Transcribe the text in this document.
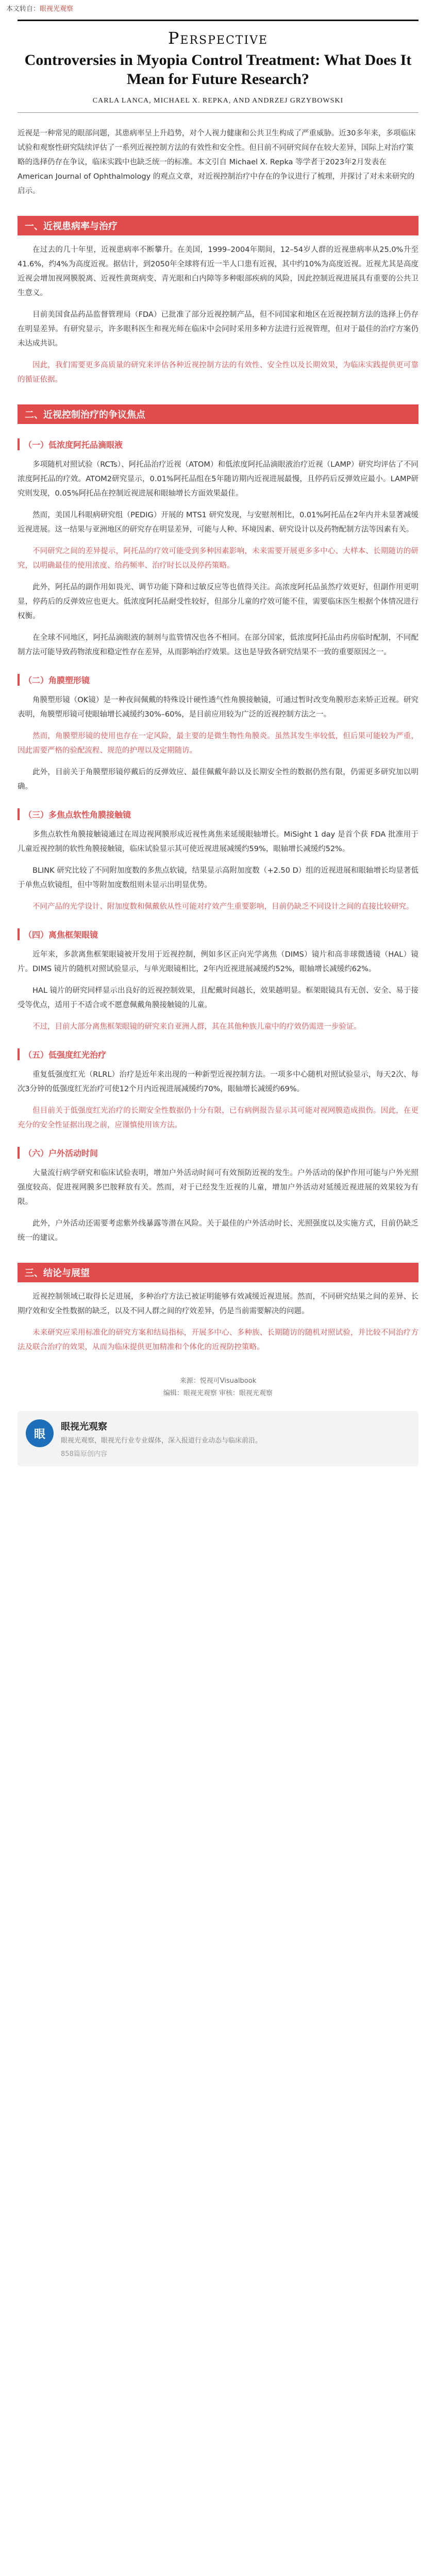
本文转自：眼视光观察
Perspective
Controversies in Myopia Control Treatment: What Does It Mean for Future Research?
CARLA LANCA, MICHAEL X. REPKA, AND ANDRZEJ GRZYBOWSKI
近视是一种常见的眼部问题，其患病率呈上升趋势，对个人视力健康和公共卫生构成了严重威胁。近30多年来，多项临床试验和观察性研究陆续评估了一系列近视控制方法的有效性和安全性。但目前不同研究间存在较大差异，国际上对治疗策略的选择仍存在争议，临床实践中也缺乏统一的标准。本文引自 Michael X. Repka 等学者于2023年2月发表在 American Journal of Ophthalmology 的观点文章，对近视控制治疗中存在的争议进行了梳理，并探讨了对未来研究的启示。
一、近视患病率与治疗
在过去的几十年里，近视患病率不断攀升。在美国，1999–2004年期间，12–54岁人群的近视患病率从25.0%升至41.6%，约4%为高度近视。据估计，到2050年全球将有近一半人口患有近视，其中约10%为高度近视。近视尤其是高度近视会增加视网膜脱离、近视性黄斑病变、青光眼和白内障等多种眼部疾病的风险，因此控制近视进展具有重要的公共卫生意义。
目前美国食品药品监督管理局（FDA）已批准了部分近视控制产品，但不同国家和地区在近视控制方法的选择上仍存在明显差异。有研究显示，许多眼科医生和视光师在临床中会同时采用多种方法进行近视管理，但对于最佳的治疗方案仍未达成共识。
因此，我们需要更多高质量的研究来评估各种近视控制方法的有效性、安全性以及长期效果，为临床实践提供更可靠的循证依据。
二、近视控制治疗的争议焦点
（一）低浓度阿托品滴眼液
多项随机对照试验（RCTs）、阿托品治疗近视（ATOM）和低浓度阿托品滴眼液治疗近视（LAMP）研究均评估了不同浓度阿托品的疗效。ATOM2研究显示，0.01%阿托品组在5年随访期内近视进展最慢，且停药后反弹效应最小。LAMP研究则发现，0.05%阿托品在控制近视进展和眼轴增长方面效果最佳。
然而，美国儿科眼病研究组（PEDIG）开展的 MTS1 研究发现，与安慰剂相比，0.01%阿托品在2年内并未显著减缓近视进展。这一结果与亚洲地区的研究存在明显差异，可能与人种、环境因素、研究设计以及药物配制方法等因素有关。
不同研究之间的差异提示，阿托品的疗效可能受到多种因素影响，未来需要开展更多多中心、大样本、长期随访的研究，以明确最佳的使用浓度、给药频率、治疗时长以及停药策略。
此外，阿托品的副作用如畏光、调节功能下降和过敏反应等也值得关注。高浓度阿托品虽然疗效更好，但副作用更明显，停药后的反弹效应也更大。低浓度阿托品耐受性较好，但部分儿童的疗效可能不佳，需要临床医生根据个体情况进行权衡。
在全球不同地区，阿托品滴眼液的制剂与监管情况也各不相同。在部分国家，低浓度阿托品由药房临时配制，不同配制方法可能导致药物浓度和稳定性存在差异，从而影响治疗效果。这也是导致各研究结果不一致的重要原因之一。
（二）角膜塑形镜
角膜塑形镜（OK镜）是一种夜间佩戴的特殊设计硬性透气性角膜接触镜，可通过暂时改变角膜形态来矫正近视。研究表明，角膜塑形镜可使眼轴增长减缓约30%–60%，是目前应用较为广泛的近视控制方法之一。
然而，角膜塑形镜的使用也存在一定风险，最主要的是微生物性角膜炎。虽然其发生率较低，但后果可能较为严重，因此需要严格的验配流程、规范的护理以及定期随访。
此外，目前关于角膜塑形镜停戴后的反弹效应、最佳佩戴年龄以及长期安全性的数据仍然有限，仍需更多研究加以明确。
（三）多焦点软性角膜接触镜
多焦点软性角膜接触镜通过在周边视网膜形成近视性离焦来延缓眼轴增长。MiSight 1 day 是首个获 FDA 批准用于儿童近视控制的软性角膜接触镜，临床试验显示其可使近视进展减缓约59%，眼轴增长减缓约52%。
BLINK 研究比较了不同附加度数的多焦点软镜，结果显示高附加度数（+2.50 D）组的近视进展和眼轴增长均显著低于单焦点软镜组，但中等附加度数组则未显示出明显优势。
不同产品的光学设计、附加度数和佩戴依从性可能对疗效产生重要影响，目前仍缺乏不同设计之间的直接比较研究。
（四）离焦框架眼镜
近年来，多款离焦框架眼镜被开发用于近视控制，例如多区正向光学离焦（DIMS）镜片和高非球微透镜（HAL）镜片。DIMS 镜片的随机对照试验显示，与单光眼镜相比，2年内近视进展减缓约52%，眼轴增长减缓约62%。
HAL 镜片的研究同样显示出良好的近视控制效果，且配戴时间越长，效果越明显。框架眼镜具有无创、安全、易于接受等优点，适用于不适合或不愿意佩戴角膜接触镜的儿童。
不过，目前大部分离焦框架眼镜的研究来自亚洲人群，其在其他种族儿童中的疗效仍需进一步验证。
（五）低强度红光治疗
重复低强度红光（RLRL）治疗是近年来出现的一种新型近视控制方法。一项多中心随机对照试验显示，每天2次、每次3分钟的低强度红光治疗可使12个月内近视进展减缓约70%，眼轴增长减缓约69%。
但目前关于低强度红光治疗的长期安全性数据仍十分有限，已有病例报告显示其可能对视网膜造成损伤。因此，在更充分的安全性证据出现之前，应谨慎使用该方法。
（六）户外活动时间
大量流行病学研究和临床试验表明，增加户外活动时间可有效预防近视的发生。户外活动的保护作用可能与户外光照强度较高、促进视网膜多巴胺释放有关。然而，对于已经发生近视的儿童，增加户外活动对延缓近视进展的效果较为有限。
此外，户外活动还需要考虑紫外线暴露等潜在风险。关于最佳的户外活动时长、光照强度以及实施方式，目前仍缺乏统一的建议。
三、结论与展望
近视控制领域已取得长足进展，多种治疗方法已被证明能够有效减缓近视进展。然而，不同研究结果之间的差异、长期疗效和安全性数据的缺乏，以及不同人群之间的疗效差异，仍是当前需要解决的问题。
未来研究应采用标准化的研究方案和结局指标，开展多中心、多种族、长期随访的随机对照试验，并比较不同治疗方法及联合治疗的效果，从而为临床提供更加精准和个体化的近视防控策略。
来源：悦视可Visualbook
编辑：眼视光观察 审核：眼视光观察
眼
眼视光观察
眼视光观察，眼视光行业专业媒体，深入报道行业动态与临床前沿。
858篇原创内容
